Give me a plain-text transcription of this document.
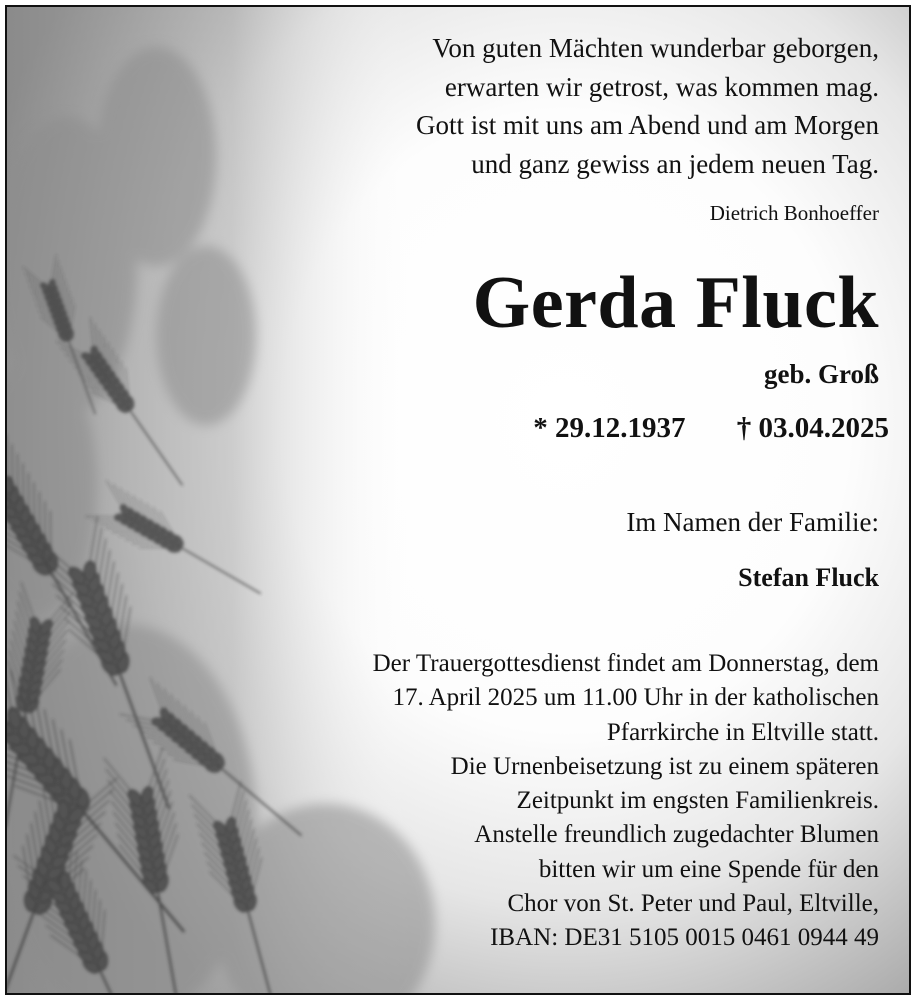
Von guten Mächten wunderbar geborgen,
erwarten wir getrost, was kommen mag.
Gott ist mit uns am Abend und am Morgen
und ganz gewiss an jedem neuen Tag.
Dietrich Bonhoeffer
Gerda Fluck
geb. Groß
* 29.12.1937 † 03.04.2025
Im Namen der Familie:
Stefan Fluck
Der Trauergottesdienst findet am Donnerstag, dem
17. April 2025 um 11.00 Uhr in der katholischen
Pfarrkirche in Eltville statt.
Die Urnenbeisetzung ist zu einem späteren
Zeitpunkt im engsten Familienkreis.
Anstelle freundlich zugedachter Blumen
bitten wir um eine Spende für den
Chor von St. Peter und Paul, Eltville,
IBAN: DE31 5105 0015 0461 0944 49
